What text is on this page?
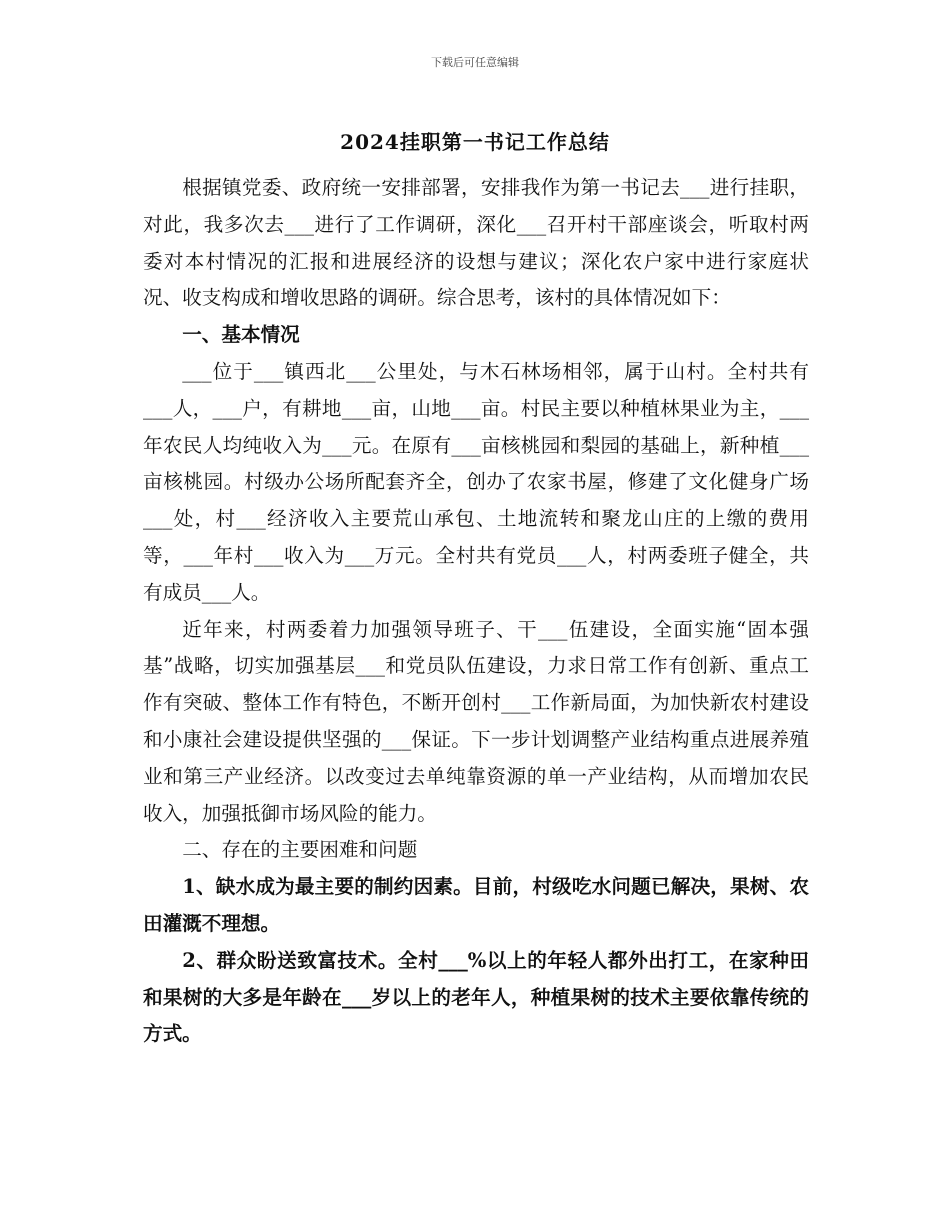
下载后可任意编辑
2024挂职第一书记工作总结

根据镇党委、政府统一安排部署，安排我作为第一书记去___进行挂职，对此，我多次去___进行了工作调研，深化___召开村干部座谈会，听取村两委对本村情况的汇报和进展经济的设想与建议；深化农户家中进行家庭状况、收支构成和增收思路的调研。综合思考，该村的具体情况如下：

一、基本情况

___位于___镇西北___公里处，与木石林场相邻，属于山村。全村共有___人，___户，有耕地___亩，山地___亩。村民主要以种植林果业为主，___年农民人均纯收入为___元。在原有___亩核桃园和梨园的基础上，新种植___亩核桃园。村级办公场所配套齐全，创办了农家书屋，修建了文化健身广场___处，村___经济收入主要荒山承包、土地流转和聚龙山庄的上缴的费用等，___年村___收入为___万元。全村共有党员___人，村两委班子健全，共有成员___人。

近年来，村两委着力加强领导班子、干___伍建设，全面实施“固本强基”战略，切实加强基层___和党员队伍建设，力求日常工作有创新、重点工作有突破、整体工作有特色，不断开创村___工作新局面，为加快新农村建设和小康社会建设提供坚强的___保证。下一步计划调整产业结构重点进展养殖业和第三产业经济。以改变过去单纯靠资源的单一产业结构，从而增加农民收入，加强抵御市场风险的能力。

二、存在的主要困难和问题

1、缺水成为最主要的制约因素。目前，村级吃水问题已解决，果树、农田灌溉不理想。

2、群众盼送致富技术。全村___%以上的年轻人都外出打工，在家种田和果树的大多是年龄在___岁以上的老年人，种植果树的技术主要依靠传统的方式。
